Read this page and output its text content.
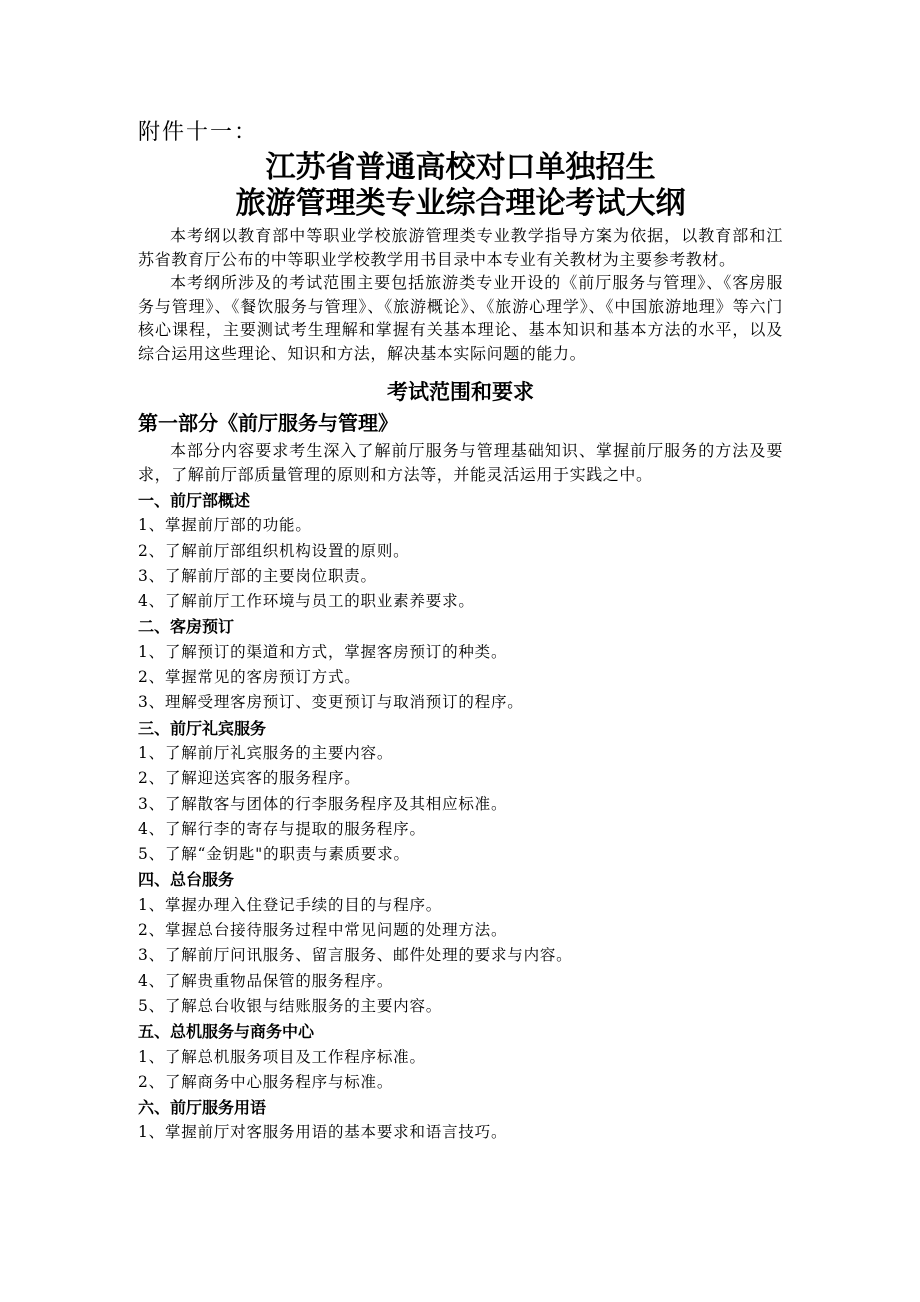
附件十一：

江苏省普通高校对口单独招生
旅游管理类专业综合理论考试大纲

本考纲以教育部中等职业学校旅游管理类专业教学指导方案为依据，以教育部和江苏省教育厅公布的中等职业学校教学用书目录中本专业有关教材为主要参考教材。

本考纲所涉及的考试范围主要包括旅游类专业开设的《前厅服务与管理》、《客房服务与管理》、《餐饮服务与管理》、《旅游概论》、《旅游心理学》、《中国旅游地理》等六门核心课程，主要测试考生理解和掌握有关基本理论、基本知识和基本方法的水平，以及综合运用这些理论、知识和方法，解决基本实际问题的能力。

考试范围和要求
第一部分《前厅服务与管理》

本部分内容要求考生深入了解前厅服务与管理基础知识、掌握前厅服务的方法及要求，了解前厅部质量管理的原则和方法等，并能灵活运用于实践之中。

一、前厅部概述

1、掌握前厅部的功能。

2、了解前厅部组织机构设置的原则。

3、了解前厅部的主要岗位职责。

4、了解前厅工作环境与员工的职业素养要求。

二、客房预订

1、了解预订的渠道和方式，掌握客房预订的种类。

2、掌握常见的客房预订方式。

3、理解受理客房预订、变更预订与取消预订的程序。

三、前厅礼宾服务

1、了解前厅礼宾服务的主要内容。

2、了解迎送宾客的服务程序。

3、了解散客与团体的行李服务程序及其相应标准。

4、了解行李的寄存与提取的服务程序。

5、了解“金钥匙"的职责与素质要求。

四、总台服务

1、掌握办理入住登记手续的目的与程序。

2、掌握总台接待服务过程中常见问题的处理方法。

3、了解前厅问讯服务、留言服务、邮件处理的要求与内容。

4、了解贵重物品保管的服务程序。

5、了解总台收银与结账服务的主要内容。

五、总机服务与商务中心

1、了解总机服务项目及工作程序标准。

2、了解商务中心服务程序与标准。

六、前厅服务用语

1、掌握前厅对客服务用语的基本要求和语言技巧。
